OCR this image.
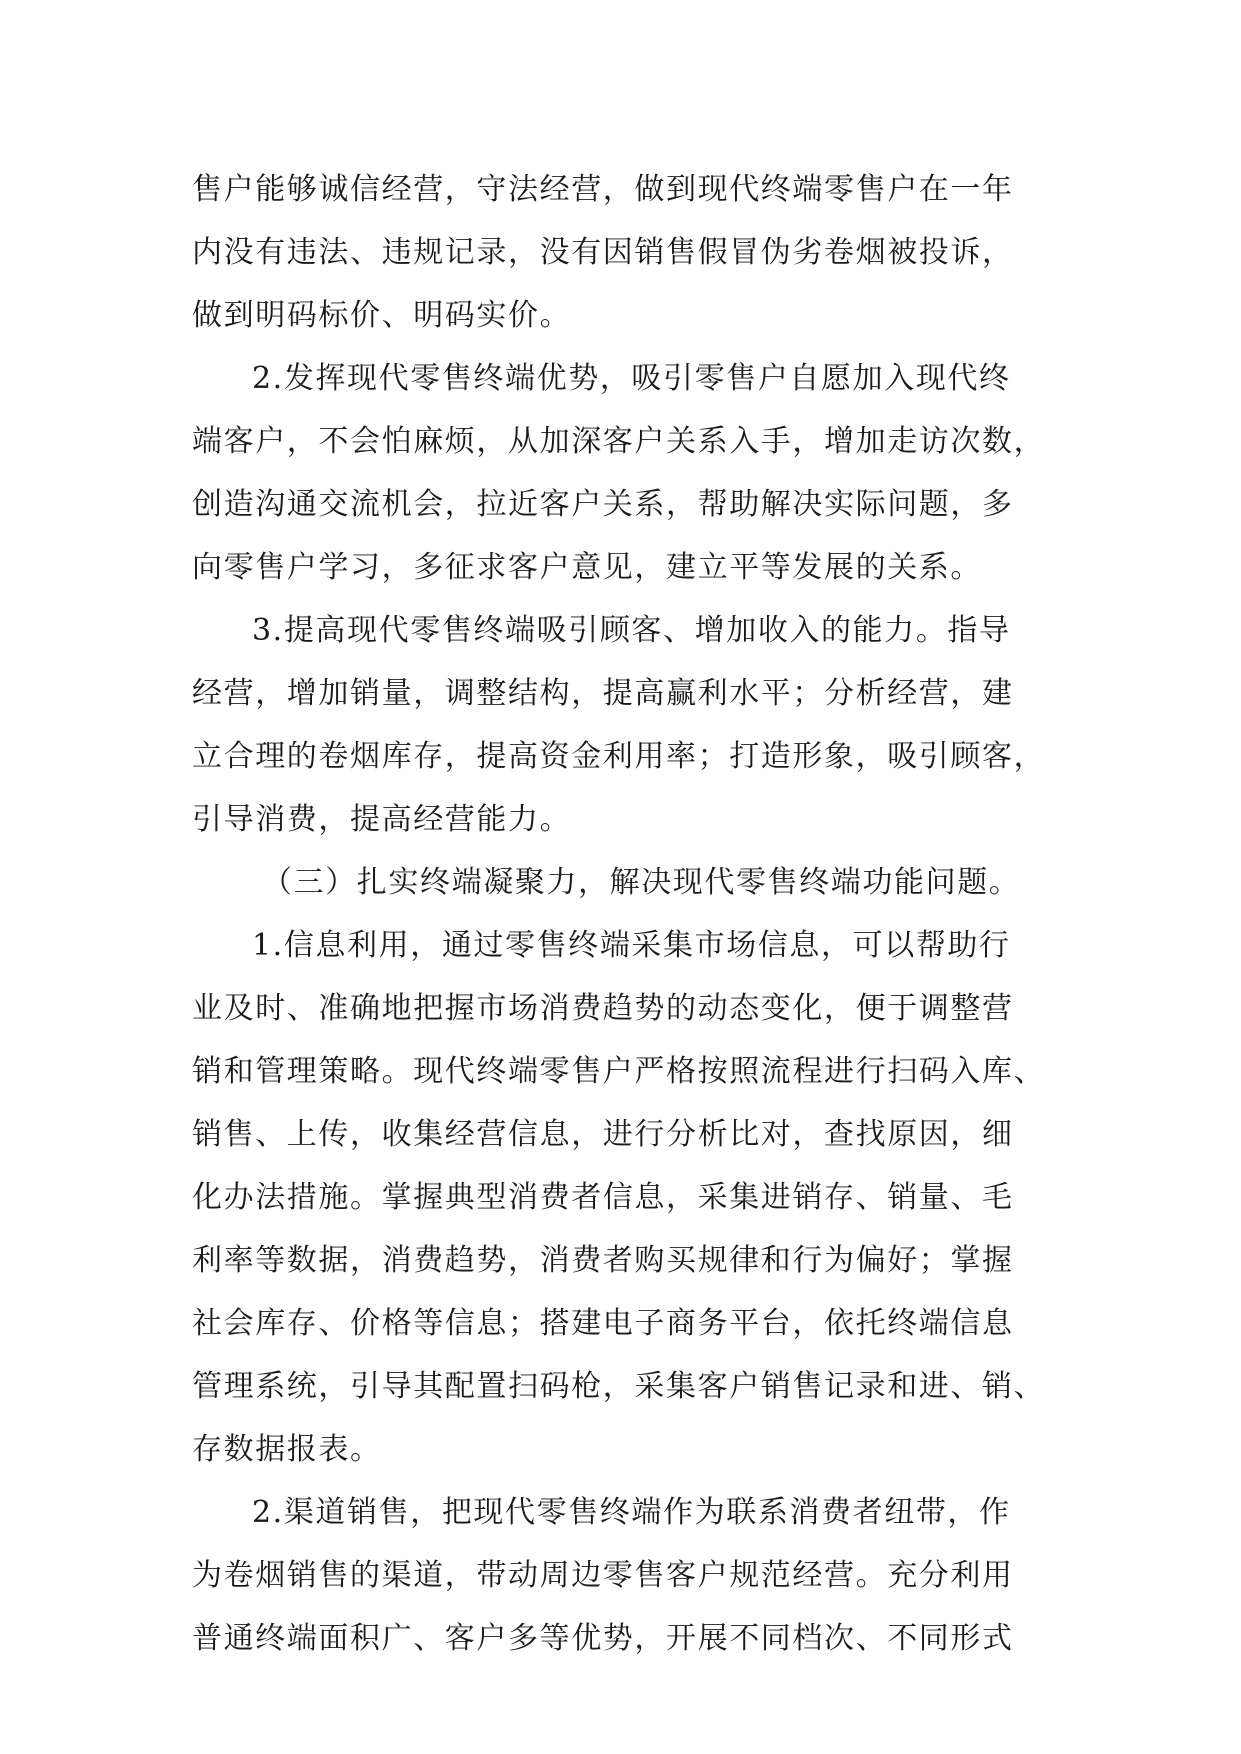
售户能够诚信经营，守法经营，做到现代终端零售户在一年
内没有违法、违规记录，没有因销售假冒伪劣卷烟被投诉，
做到明码标价、明码实价。
2.发挥现代零售终端优势，吸引零售户自愿加入现代终
端客户，不会怕麻烦，从加深客户关系入手，增加走访次数，
创造沟通交流机会，拉近客户关系，帮助解决实际问题，多
向零售户学习，多征求客户意见，建立平等发展的关系。
3.提高现代零售终端吸引顾客、增加收入的能力。指导
经营，增加销量，调整结构，提高赢利水平；分析经营，建
立合理的卷烟库存，提高资金利用率；打造形象，吸引顾客，
引导消费，提高经营能力。
（三）扎实终端凝聚力，解决现代零售终端功能问题。
1.信息利用，通过零售终端采集市场信息，可以帮助行
业及时、准确地把握市场消费趋势的动态变化，便于调整营
销和管理策略。现代终端零售户严格按照流程进行扫码入库、
销售、上传，收集经营信息，进行分析比对，查找原因，细
化办法措施。掌握典型消费者信息，采集进销存、销量、毛
利率等数据，消费趋势，消费者购买规律和行为偏好；掌握
社会库存、价格等信息；搭建电子商务平台，依托终端信息
管理系统，引导其配置扫码枪，采集客户销售记录和进、销、
存数据报表。
2.渠道销售，把现代零售终端作为联系消费者纽带，作
为卷烟销售的渠道，带动周边零售客户规范经营。充分利用
普通终端面积广、客户多等优势，开展不同档次、不同形式
